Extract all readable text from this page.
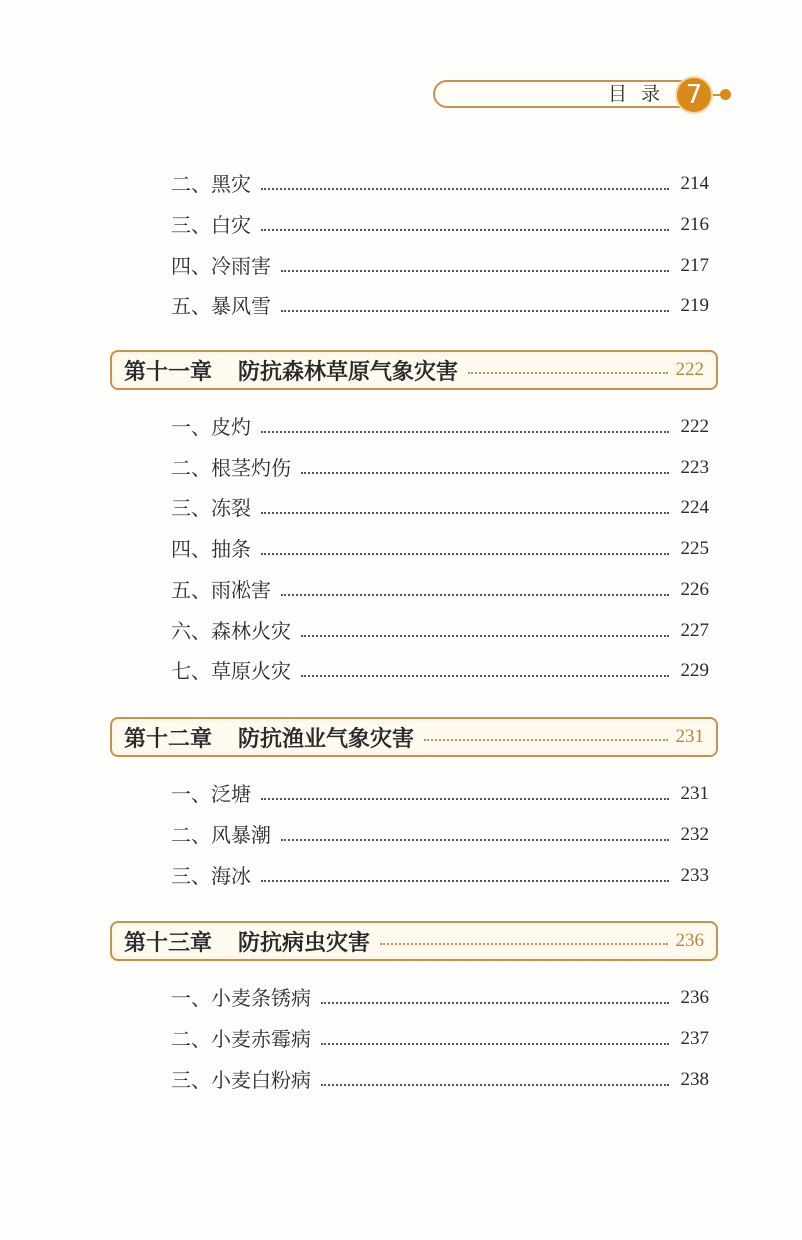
目录 7
二、黑灾	214
三、白灾	216
四、冷雨害	217
五、暴风雪	219
第十一章 防抗森林草原气象灾害	222
一、皮灼	222
二、根茎灼伤	223
三、冻裂	224
四、抽条	225
五、雨凇害	226
六、森林火灾	227
七、草原火灾	229
第十二章 防抗渔业气象灾害	231
一、泛塘	231
二、风暴潮	232
三、海冰	233
第十三章 防抗病虫灾害	236
一、小麦条锈病	236
二、小麦赤霉病	237
三、小麦白粉病	238
